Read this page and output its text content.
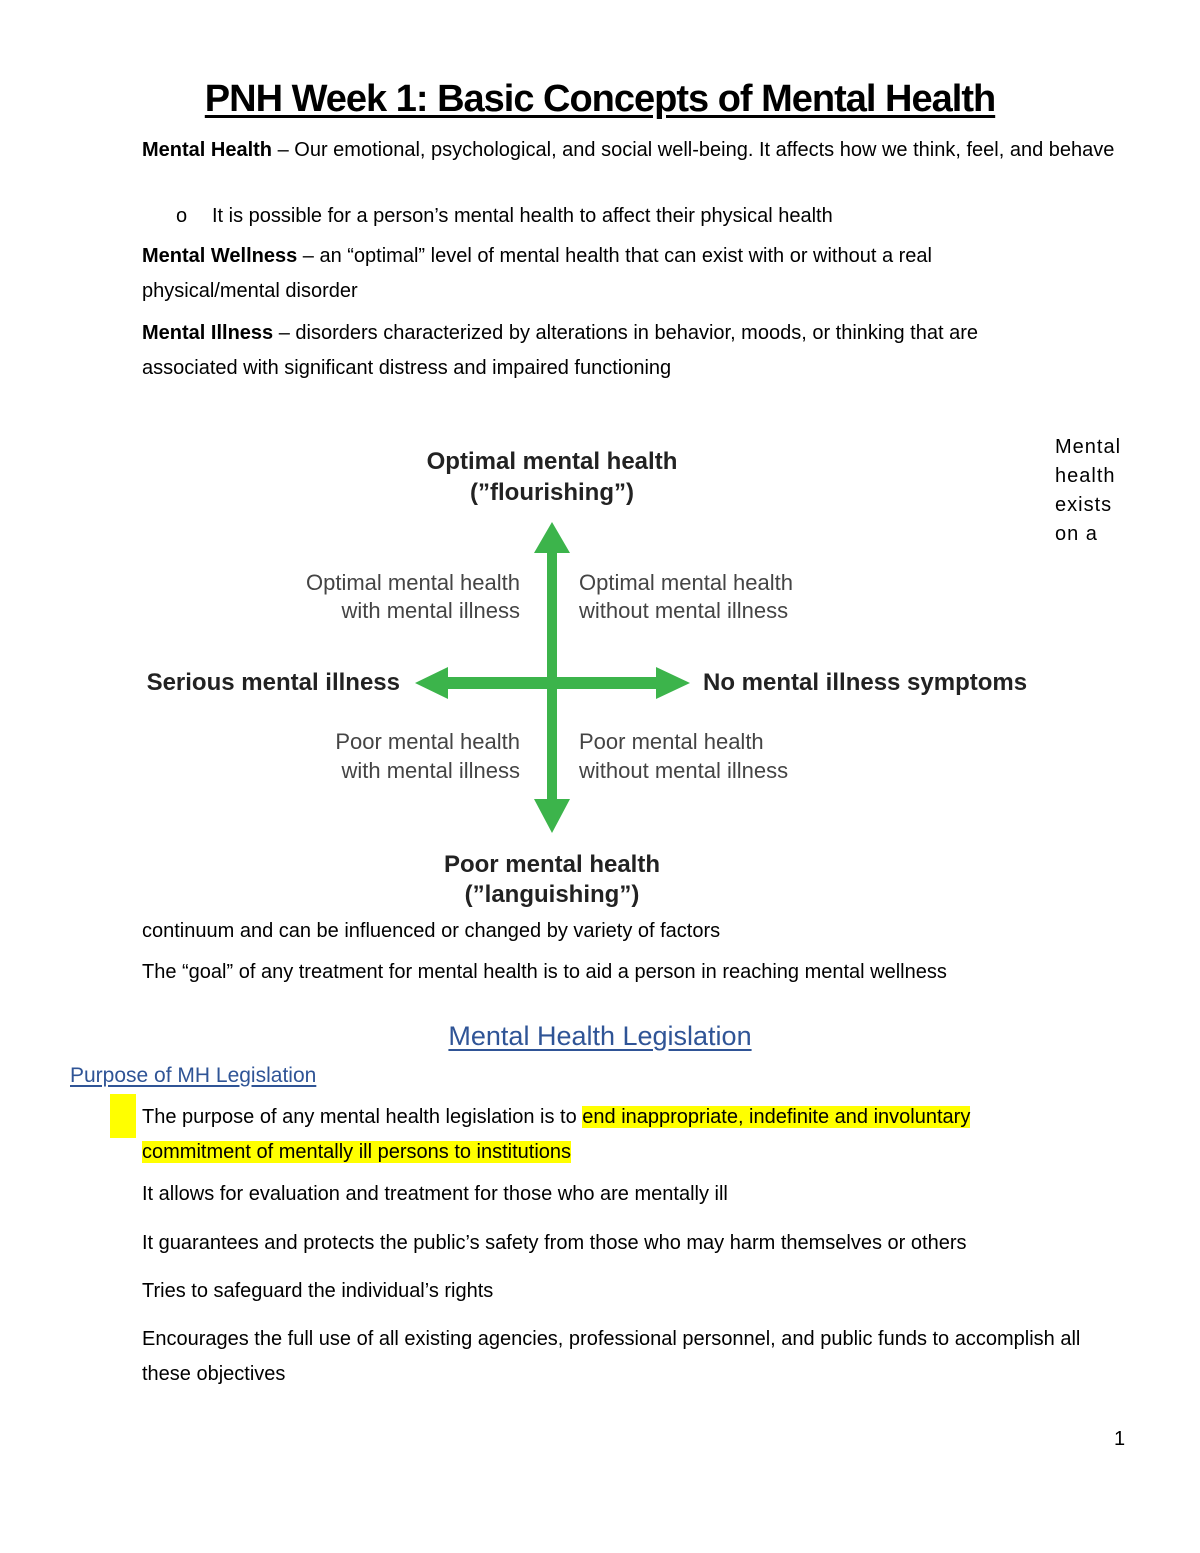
PNH Week 1: Basic Concepts of Mental Health
Mental Health – Our emotional, psychological, and social well-being. It affects how we think, feel, and behave
o It is possible for a person’s mental health to affect their physical health
Mental Wellness – an “optimal” level of mental health that can exist with or without a real physical/mental disorder
Mental Illness – disorders characterized by alterations in behavior, moods, or thinking that are associated with significant distress and impaired functioning
Optimal mental health
(”flourishing”)
Poor mental health
(”languishing”)
Serious mental illness	No mental illness symptoms
Optimal mental health
with mental illness
Optimal mental health
without mental illness
Poor mental health
with mental illness
Poor mental health
without mental illness
Mental
health
exists
on a
continuum and can be influenced or changed by variety of factors
The “goal” of any treatment for mental health is to aid a person in reaching mental wellness
Mental Health Legislation
Purpose of MH Legislation
The purpose of any mental health legislation is to end inappropriate, indefinite and involuntary
commitment of mentally ill persons to institutions
It allows for evaluation and treatment for those who are mentally ill
It guarantees and protects the public’s safety from those who may harm themselves or others
Tries to safeguard the individual’s rights
Encourages the full use of all existing agencies, professional personnel, and public funds to accomplish all these objectives
1
